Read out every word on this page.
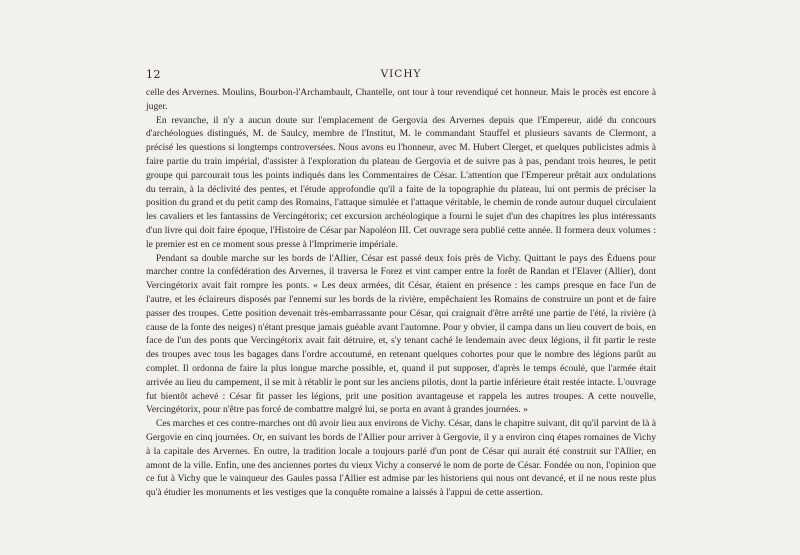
12	VICHY

celle des Arvernes. Moulins, Bourbon-l'Archambault, Chantelle, ont tour à tour revendiqué cet honneur. Mais le procès est encore à juger.

En revanche, il n'y a aucun doute sur l'emplacement de Gergovia des Arvernes depuis que l'Empereur, aidé du concours d'archéologues distingués, M. de Saulcy, membre de l'Institut, M. le commandant Stauffel et plusieurs savants de Clermont, a précisé les questions si longtemps controversées. Nous avons eu l'honneur, avec M. Hubert Clerget, et quelques publicistes admis à faire partie du train impérial, d'assister à l'exploration du plateau de Gergovia et de suivre pas à pas, pendant trois heures, le petit groupe qui parcourait tous les points indiqués dans les Commentaires de César. L'attention que l'Empereur prêtait aux ondulations du terrain, à la déclivité des pentes, et l'étude approfondie qu'il a faite de la topographie du plateau, lui ont permis de préciser la position du grand et du petit camp des Romains, l'attaque simulée et l'attaque véritable, le chemin de ronde autour duquel circulaient les cavaliers et les fantassins de Vercingétorix; cet excursion archéologique a fourni le sujet d'un des chapitres les plus intéressants d'un livre qui doit faire époque, l'Histoire de César par Napoléon III. Cet ouvrage sera publié cette année. Il formera deux volumes : le premier est en ce moment sous presse à l'Imprimerie impériale.

Pendant sa double marche sur les bords de l'Allier, César est passé deux fois près de Vichy. Quittant le pays des Éduens pour marcher contre la confédération des Arvernes, il traversa le Forez et vint camper entre la forêt de Randan et l'Elaver (Allier), dont Vercingétorix avait fait rompre les ponts. « Les deux armées, dit César, étaient en présence : les camps presque en face l'un de l'autre, et les éclaireurs disposés par l'ennemi sur les bords de la rivière, empêchaient les Romains de construire un pont et de faire passer des troupes. Cette position devenait très-embarrassante pour César, qui craignait d'être arrêté une partie de l'été, la rivière (à cause de la fonte des neiges) n'étant presque jamais guéable avant l'automne. Pour y obvier, il campa dans un lieu couvert de bois, en face de l'un des ponts que Vercingétorix avait fait détruire, et, s'y tenant caché le lendemain avec deux légions, il fit partir le reste des troupes avec tous les bagages dans l'ordre accoutumé, en retenant quelques cohortes pour que le nombre des légions parût au complet. Il ordonna de faire la plus longue marche possible, et, quand il put supposer, d'après le temps écoulé, que l'armée était arrivée au lieu du campement, il se mit à rétablir le pont sur les anciens pilotis, dont la partie inférieure était restée intacte. L'ouvrage fut bientôt achevé : César fit passer les légions, prit une position avantageuse et rappela les autres troupes. A cette nouvelle, Vercingétorix, pour n'être pas forcé de combattre malgré lui, se porta en avant à grandes journées. »

Ces marches et ces contre-marches ont dû avoir lieu aux environs de Vichy. César, dans le chapitre suivant, dit qu'il parvint de là à Gergovie en cinq journées. Or, en suivant les bords de l'Allier pour arriver à Gergovie, il y a environ cinq étapes romaines de Vichy à la capitale des Arvernes. En outre, la tradition locale a toujours parlé d'un pont de César qui aurait été construit sur l'Allier, en amont de la ville. Enfin, une des anciennes portes du vieux Vichy a conservé le nom de porte de César. Fondée ou non, l'opinion que ce fut à Vichy que le vainqueur des Gaules passa l'Allier est admise par les historiens qui nous ont devancé, et il ne nous reste plus qu'à étudier les monuments et les vestiges que la conquête romaine a laissés à l'appui de cette assertion.
